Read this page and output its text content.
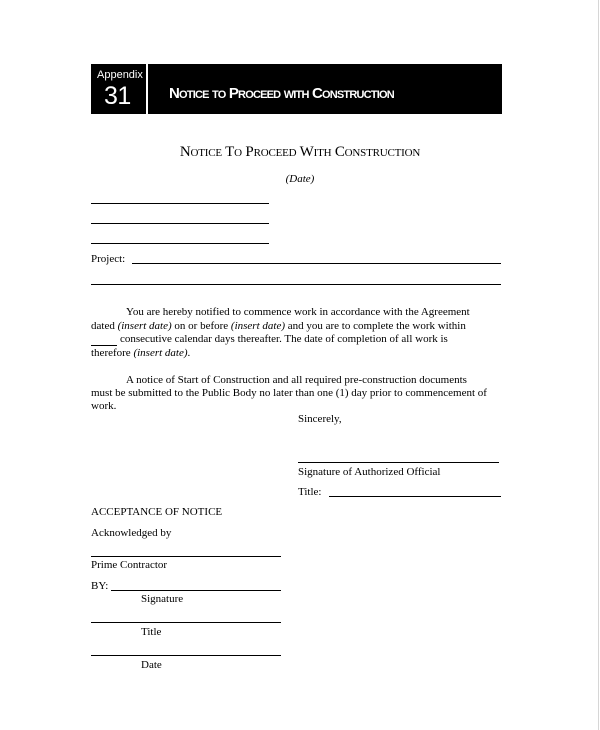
Appendix
31	Notice to Proceed with Construction
Notice To Proceed With Construction
(Date)
Project:
You are hereby notified to commence work in accordance with the Agreement
dated (insert date) on or before (insert date) and you are to complete the work within
consecutive calendar days thereafter. The date of completion of all work is
therefore (insert date).
A notice of Start of Construction and all required pre-construction documents
must be submitted to the Public Body no later than one (1) day prior to commencement of
work.
Sincerely,
Signature of Authorized Official
Title:
ACCEPTANCE OF NOTICE
Acknowledged by
Prime Contractor
BY:
Signature
Title
Date
